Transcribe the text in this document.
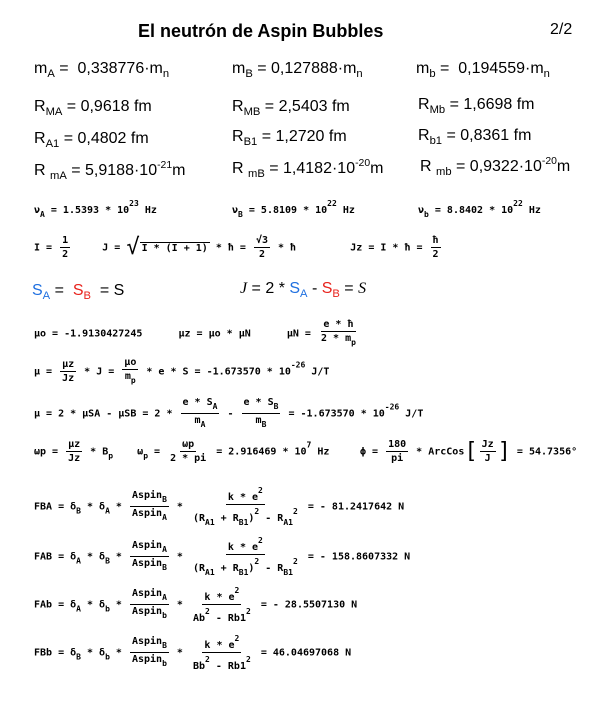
El neutrón de Aspin Bubbles	2/2
$m_A = 0,338776\cdot m_n$	$m_B = 0,127888\cdot m_n$	$m_b = 0,194559\cdot m_n$
$R_{MA} = 0,9618$ fm	$R_{MB} = 2,5403$ fm	$R_{Mb} = 1,6698$ fm
$R_{A1} = 0,4802$ fm	$R_{B1} = 1,2720$ fm	$R_{b1} = 0,8361$ fm
R $_{mA} = 5,9188\cdot 10^{-21}m$	R $_{mB} = 1,4182\cdot 10^{-20}m$ R $_{mb} = 0,9322\cdot 10^{-20}m$
$\nu_A = 1.5393 * 10^{23}$ Hz	$\nu_B = 5.8109 * 10^{22}$ Hz	$\nu_b = 8.8402 * 10^{22}$ Hz
$I = \frac{1}{2}$ J = √ I * (I + 1) * ħ = $\frac{√3}{2}$ * ħ         Jz = I * ħ = $\frac{ħ}{2}$
$S_A = S_B = S$	$J = 2 * S_A - S_B = S$
μo = -1.9130427245      μz = μo * μN      $\mu N = \frac{e * ħ}{2 * m_p}$
$\mu = \frac{\mu z}{Jz} * J = \frac{\mu o}{m_p} * e * S = -1.673570 * 10^{-26}$ J/T
$\mu = 2 * \mu SA - \mu SB = 2 * \frac{e * S_A}{m_A} - \frac{e * S_B}{m_B} = -1.673570 * 10^{-26}$ J/T
$\omega p = \frac{\mu z}{Jz} * B_p$    $\omega_p = \frac{\omega p}{2 * pi} = 2.916469 * 10^7$ Hz	$\phi = \frac{180}{pi}$ * ArcCos[ $\frac{Jz}{J}$ ] = 54.7356°
FBA = $\delta_B * \delta_A * \frac{Aspin_B}{Aspin_A} * \frac{k * e^2}{(R_{A1} + R_{B1})^2 - R_{A1}^2}$ = - 81.2417642 N
FAB = $\delta_A * \delta_B * \frac{Aspin_A}{Aspin_B} * \frac{k * e^2}{(R_{A1} + R_{B1})^2 - R_{B1}^2}$ = - 158.8607332 N
FAb = $\delta_A * \delta_b * \frac{Aspin_A}{Aspin_b} * \frac{k * e^2}{Ab^2 - Rb1^2}$ = - 28.5507130 N
FBb = $\delta_B * \delta_b * \frac{Aspin_B}{Aspin_b} * \frac{k * e^2}{Bb^2 - Rb1^2} = 46.04697068$ N
